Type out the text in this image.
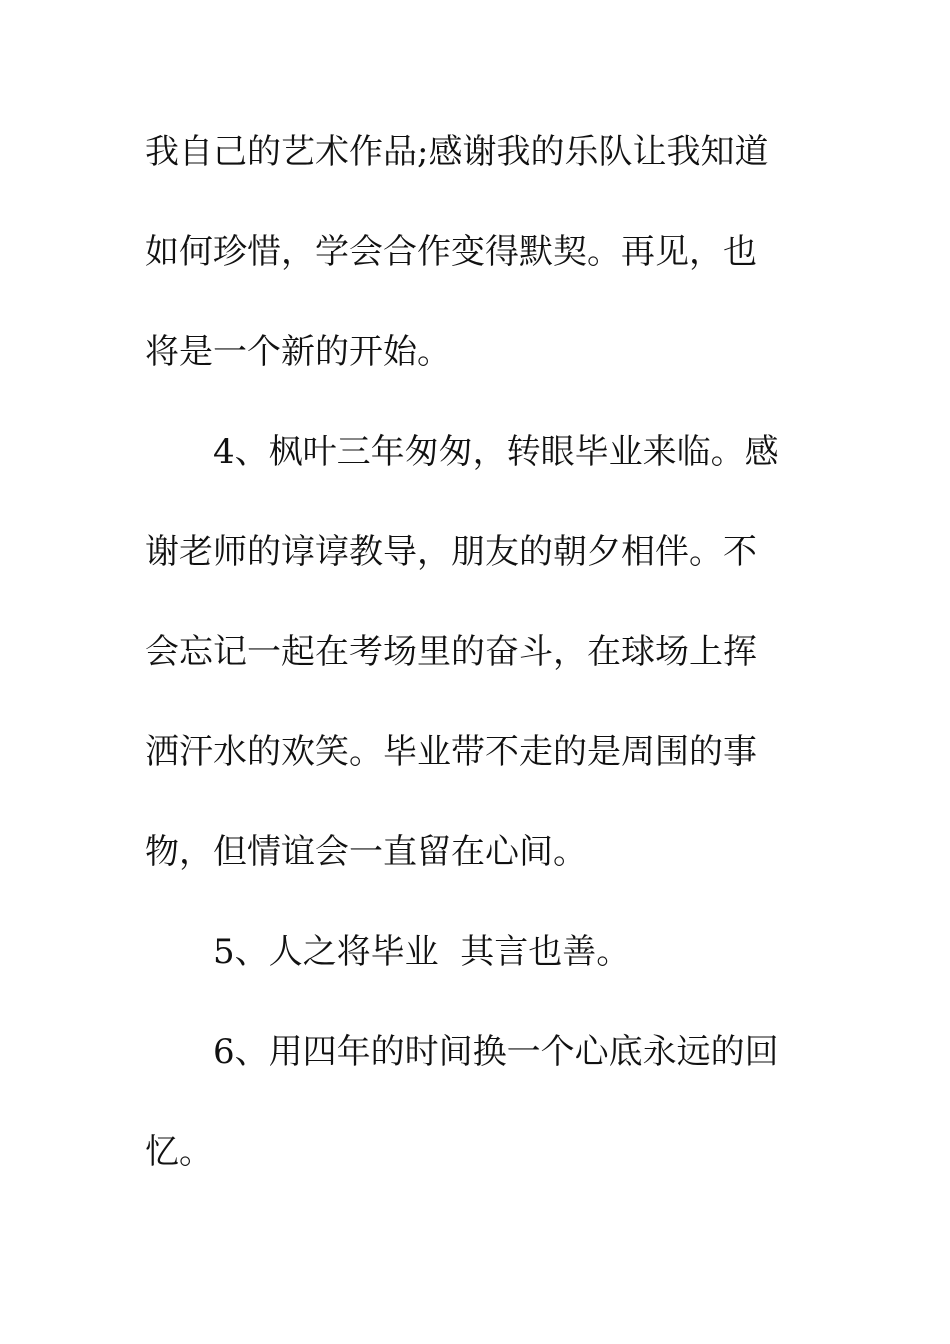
我自己的艺术作品;感谢我的乐队让我知道
如何珍惜，学会合作变得默契。再见，也
将是一个新的开始。
4、枫叶三年匆匆，转眼毕业来临。感
谢老师的谆谆教导，朋友的朝夕相伴。不
会忘记一起在考场里的奋斗，在球场上挥
洒汗水的欢笑。毕业带不走的是周围的事
物，但情谊会一直留在心间。
5、人之将毕业  其言也善。
6、用四年的时间换一个心底永远的回
忆。
